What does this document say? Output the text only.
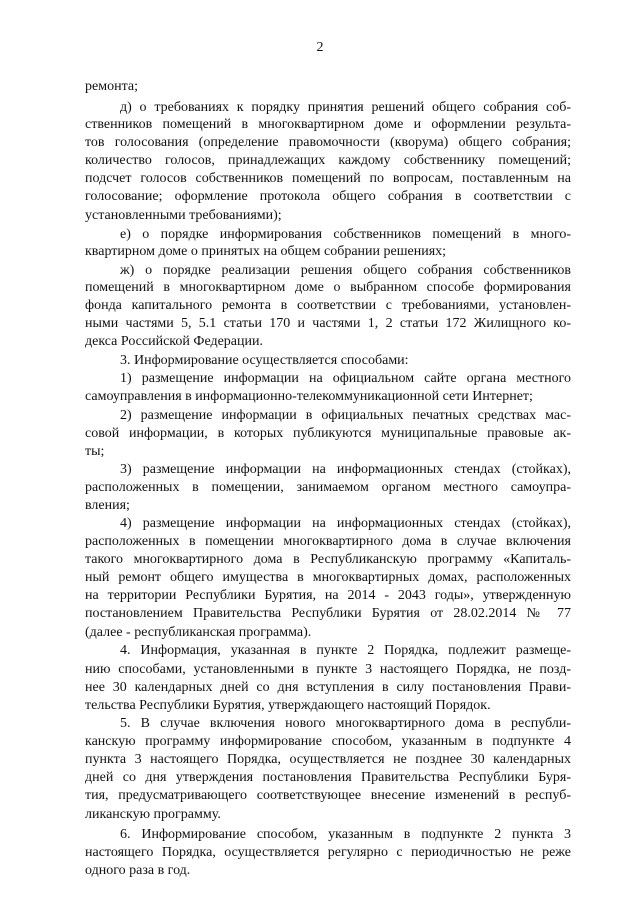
2
ремонта;
д) о требованиях к порядку принятия решений общего собрания соб-
ственников помещений в многоквартирном доме и оформлении результа-
тов голосования (определение правомочности (кворума) общего собрания;
количество голосов, принадлежащих каждому собственнику помещений;
подсчет голосов собственников помещений по вопросам, поставленным на
голосование; оформление протокола общего собрания в соответствии с
установленными требованиями);
е) о порядке информирования собственников помещений в много-
квартирном доме о принятых на общем собрании решениях;
ж) о порядке реализации решения общего собрания собственников
помещений в многоквартирном доме о выбранном способе формирования
фонда капитального ремонта в соответствии с требованиями, установлен-
ными частями 5, 5.1 статьи 170 и частями 1, 2 статьи 172 Жилищного ко-
декса Российской Федерации.
3. Информирование осуществляется способами:
1) размещение информации на официальном сайте органа местного
самоуправления в информационно-телекоммуникационной сети Интернет;
2) размещение информации в официальных печатных средствах мас-
совой информации, в которых публикуются муниципальные правовые ак-
ты;
3) размещение информации на информационных стендах (стойках),
расположенных в помещении, занимаемом органом местного самоупра-
вления;
4) размещение информации на информационных стендах (стойках),
расположенных в помещении многоквартирного дома в случае включения
такого многоквартирного дома в Республиканскую программу «Капиталь-
ный ремонт общего имущества в многоквартирных домах, расположенных
на территории Республики Бурятия, на 2014 - 2043 годы», утвержденную
постановлением Правительства Республики Бурятия от 28.02.2014 № 77
(далее - республиканская программа).
4. Информация, указанная в пункте 2 Порядка, подлежит размеще-
нию способами, установленными в пункте 3 настоящего Порядка, не позд-
нее 30 календарных дней со дня вступления в силу постановления Прави-
тельства Республики Бурятия, утверждающего настоящий Порядок.
5. В случае включения нового многоквартирного дома в республи-
канскую программу информирование способом, указанным в подпункте 4
пункта 3 настоящего Порядка, осуществляется не позднее 30 календарных
дней со дня утверждения постановления Правительства Республики Буря-
тия, предусматривающего соответствующее внесение изменений в респуб-
ликанскую программу.
6. Информирование способом, указанным в подпункте 2 пункта 3
настоящего Порядка, осуществляется регулярно с периодичностью не реже
одного раза в год.
